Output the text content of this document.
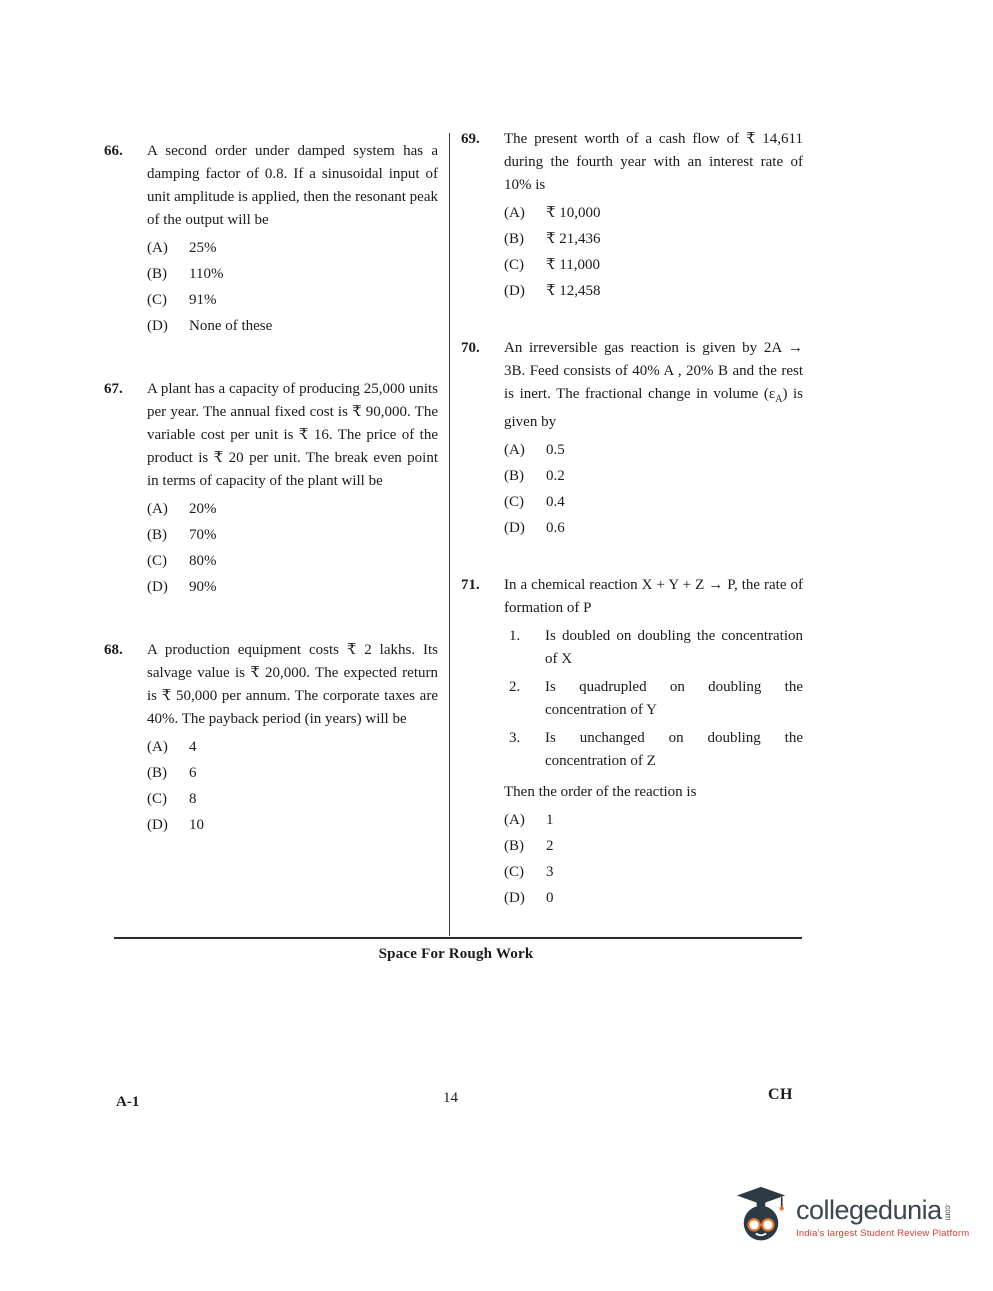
66.	A second order under damped system has a damping factor of 0.8. If a sinusoidal input of unit amplitude is applied, then the resonant peak of the output will be
(A)	25%
(B)	110%
(C)	91%
(D)	None of these
67.	A plant has a capacity of producing 25,000 units per year. The annual fixed cost is ₹ 90,000. The variable cost per unit is ₹ 16. The price of the product is ₹ 20 per unit. The break even point in terms of capacity of the plant will be
(A)	20%
(B)	70%
(C)	80%
(D)	90%
68.	A production equipment costs ₹ 2 lakhs. Its salvage value is ₹ 20,000. The expected return is ₹ 50,000 per annum. The corporate taxes are 40%. The payback period (in years) will be
(A)	4
(B)	6
(C)	8
(D)	10
69.	The present worth of a cash flow of ₹ 14,611 during the fourth year with an interest rate of 10% is
(A)	₹ 10,000
(B)	₹ 21,436
(C)	₹ 11,000
(D)	₹ 12,458
70.	An irreversible gas reaction is given by 2A → 3B. Feed consists of 40% A , 20% B and the rest is inert. The fractional change in volume $(\varepsilon_A)$ is given by
(A)	0.5
(B)	0.2
(C)	0.4
(D)	0.6
71.	In a chemical reaction X + Y + Z → P, the rate of formation of P
1.	Is doubled on doubling the concentration of X
2.	Is quadrupled on doubling the concentration of Y
3.	Is unchanged on doubling the concentration of Z
Then the order of the reaction is
(A)	1
(B)	2
(C)	3
(D)	0
Space For Rough Work
A-1	14	CH
collegedunia .com
India's largest Student Review Platform
